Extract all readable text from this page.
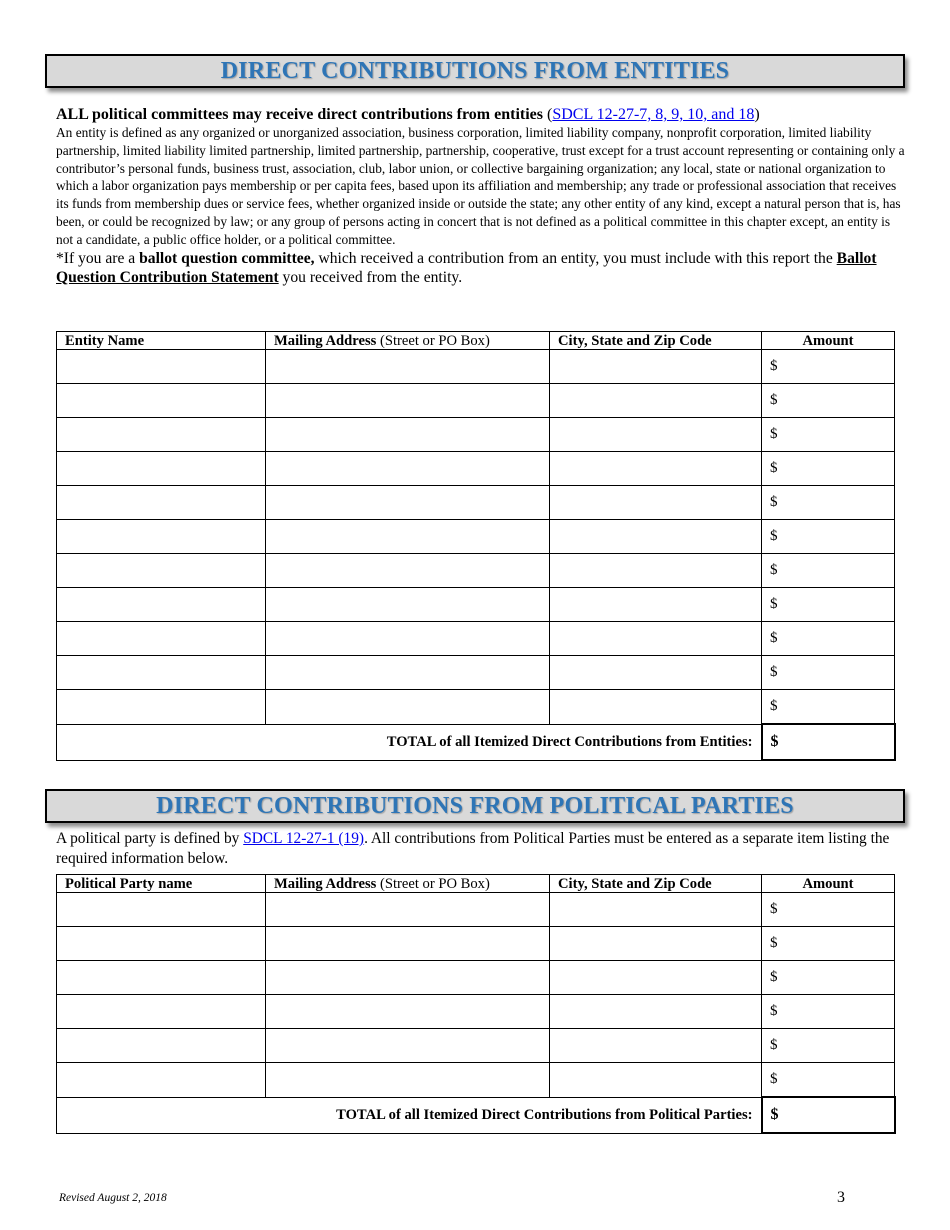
DIRECT CONTRIBUTIONS FROM ENTITIES
ALL political committees may receive direct contributions from entities (SDCL 12-27-7, 8, 9, 10, and 18)
An entity is defined as any organized or unorganized association, business corporation, limited liability company, nonprofit corporation, limited liability partnership, limited liability limited partnership, limited partnership, partnership, cooperative, trust except for a trust account representing or containing only a contributor’s personal funds, business trust, association, club, labor union, or collective bargaining organization; any local, state or national organization to which a labor organization pays membership or per capita fees, based upon its affiliation and membership; any trade or professional association that receives its funds from membership dues or service fees, whether organized inside or outside the state; any other entity of any kind, except a natural person that is, has been, or could be recognized by law; or any group of persons acting in concert that is not defined as a political committee in this chapter except, an entity is not a candidate, a public office holder, or a political committee.
*If you are a ballot question committee, which received a contribution from an entity, you must include with this report the Ballot Question Contribution Statement you received from the entity.
Entity Name	Mailing Address (Street or PO Box)	City, State and Zip Code	Amount
			$
			$
			$
			$
			$
			$
			$
			$
			$
			$
			$
TOTAL of all Itemized Direct Contributions from Entities:			$
DIRECT CONTRIBUTIONS FROM POLITICAL PARTIES
A political party is defined by SDCL 12-27-1 (19). All contributions from Political Parties must be entered as a separate item listing the required information below.
Political Party name	Mailing Address (Street or PO Box)	City, State and Zip Code	Amount
			$
			$
			$
			$
			$
			$
TOTAL of all Itemized Direct Contributions from Political Parties:			$
Revised August 2, 2018	3
